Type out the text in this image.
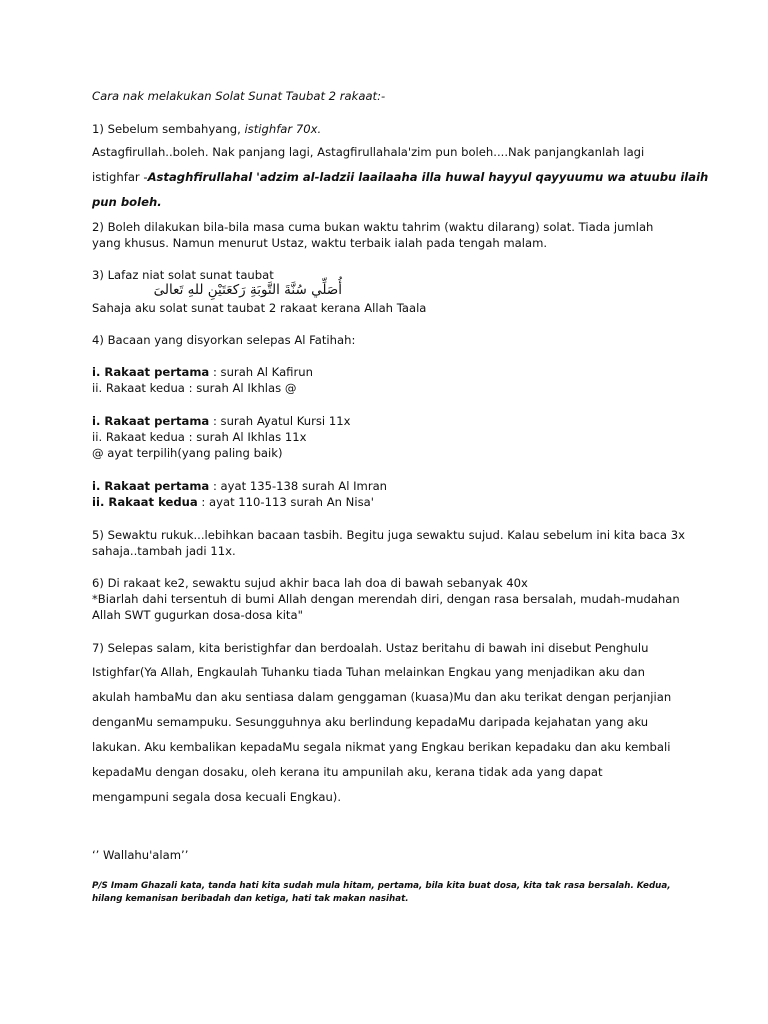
Cara nak melakukan Solat Sunat Taubat 2 rakaat:-
1) Sebelum sembahyang, istighfar 70x.
Astagfirullah..boleh. Nak panjang lagi, Astagfirullahala'zim pun boleh....Nak panjangkanlah lagi
istighfar -Astaghfirullahal 'adzim al-ladzii laailaaha illa huwal hayyul qayyuumu wa atuubu ilaih
pun boleh.
2) Boleh dilakukan bila-bila masa cuma bukan waktu tahrim (waktu dilarang) solat. Tiada jumlah
yang khusus. Namun menurut Ustaz, waktu terbaik ialah pada tengah malam.
3) Lafaz niat solat sunat taubat
أُصَلِّي سُنَّةَ التَّوبَةِ رَكعَتَيْنِ للهِ تَعالىَ
Sahaja aku solat sunat taubat 2 rakaat kerana Allah Taala
4) Bacaan yang disyorkan selepas Al Fatihah:
i. Rakaat pertama : surah Al Kafirun
ii. Rakaat kedua : surah Al Ikhlas @
i. Rakaat pertama : surah Ayatul Kursi 11x
ii. Rakaat kedua : surah Al Ikhlas 11x
@ ayat terpilih(yang paling baik)
i. Rakaat pertama : ayat 135-138 surah Al Imran
ii. Rakaat kedua : ayat 110-113 surah An Nisa'
5) Sewaktu rukuk...lebihkan bacaan tasbih. Begitu juga sewaktu sujud. Kalau sebelum ini kita baca 3x
sahaja..tambah jadi 11x.
6) Di rakaat ke2, sewaktu sujud akhir baca lah doa di bawah sebanyak 40x
*Biarlah dahi tersentuh di bumi Allah dengan merendah diri, dengan rasa bersalah, mudah-mudahan
Allah SWT gugurkan dosa-dosa kita"
7) Selepas salam, kita beristighfar dan berdoalah. Ustaz beritahu di bawah ini disebut Penghulu
Istighfar(Ya Allah, Engkaulah Tuhanku tiada Tuhan melainkan Engkau yang menjadikan aku dan
akulah hambaMu dan aku sentiasa dalam genggaman (kuasa)Mu dan aku terikat dengan perjanjian
denganMu semampuku. Sesungguhnya aku berlindung kepadaMu daripada kejahatan yang aku
lakukan. Aku kembalikan kepadaMu segala nikmat yang Engkau berikan kepadaku dan aku kembali
kepadaMu dengan dosaku, oleh kerana itu ampunilah aku, kerana tidak ada yang dapat
mengampuni segala dosa kecuali Engkau).
‘’ Wallahu'alam’’
P/S Imam Ghazali kata, tanda hati kita sudah mula hitam, pertama, bila kita buat dosa, kita tak rasa bersalah. Kedua,
hilang kemanisan beribadah dan ketiga, hati tak makan nasihat.
